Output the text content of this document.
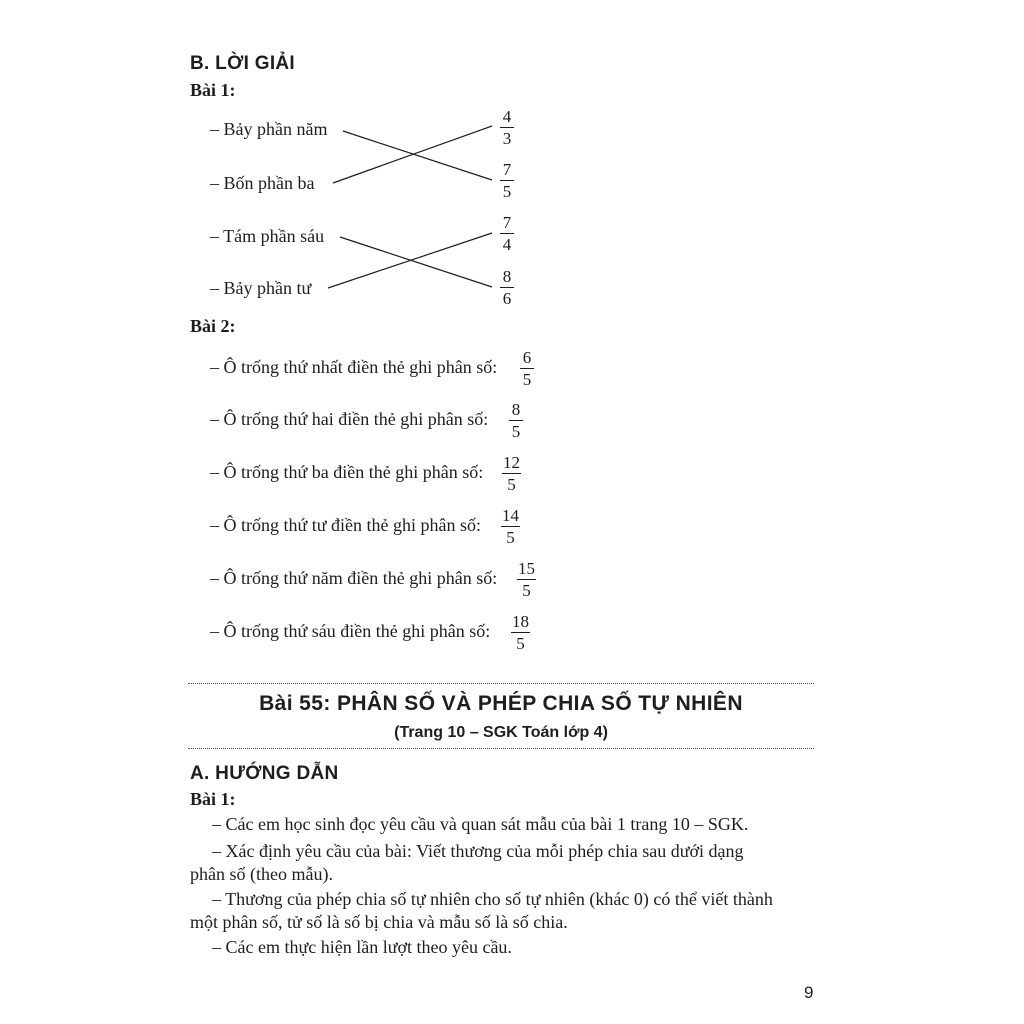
B. LỜI GIẢI
Bài 1:
– Bảy phần năm
– Bốn phần ba
– Tám phần sáu
– Bảy phần tư
4
3
7
5
7
4
8
6
Bài 2:
– Ô trống thứ nhất điền thẻ ghi phân số: 6
5
– Ô trống thứ hai điền thẻ ghi phân số: 8
5
– Ô trống thứ ba điền thẻ ghi phân số: 12
5
– Ô trống thứ tư điền thẻ ghi phân số: 14
5
– Ô trống thứ năm điền thẻ ghi phân số: 15
5
– Ô trống thứ sáu điền thẻ ghi phân số: 18
5
Bài 55: PHÂN SỐ VÀ PHÉP CHIA SỐ TỰ NHIÊN
(Trang 10 – SGK Toán lớp 4)
A. HƯỚNG DẪN
Bài 1:
– Các em học sinh đọc yêu cầu và quan sát mẫu của bài 1 trang 10 – SGK.
– Xác định yêu cầu của bài: Viết thương của mỗi phép chia sau dưới dạng
phân số (theo mẫu).
– Thương của phép chia số tự nhiên cho số tự nhiên (khác 0) có thể viết thành
một phân số, tử số là số bị chia và mẫu số là số chia.
– Các em thực hiện lần lượt theo yêu cầu.
9
